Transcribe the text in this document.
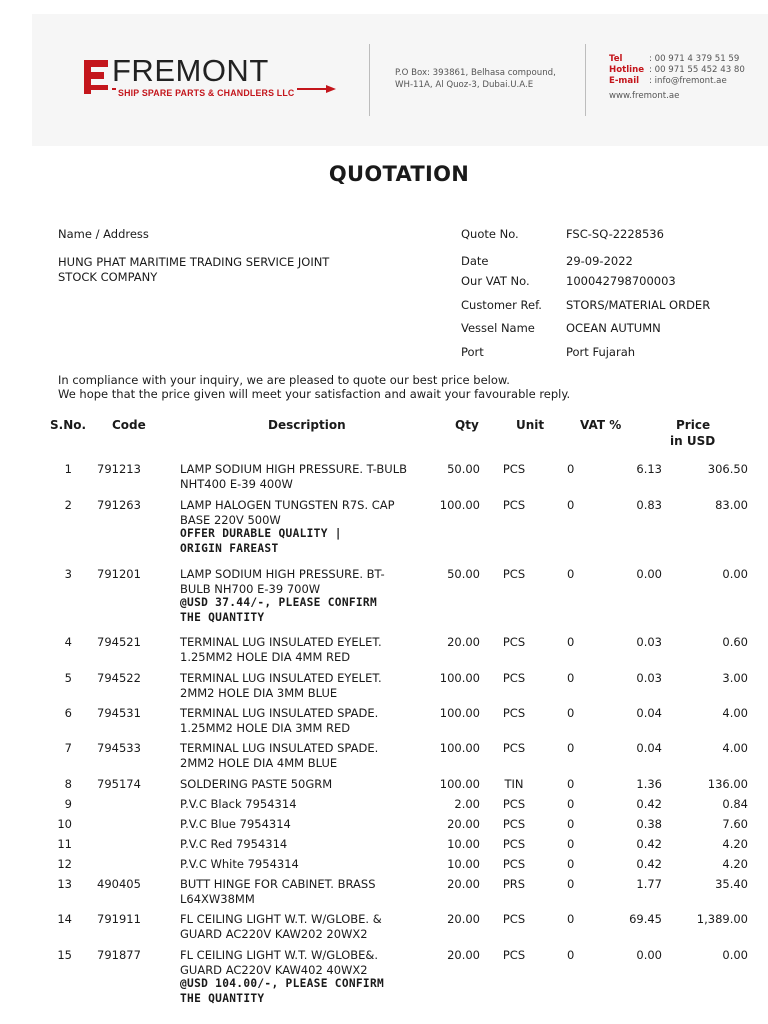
FREMONT
SHIP SPARE PARTS & CHANDLERS LLC
P.O Box: 393861, Belhasa compound,
WH-11A, Al Quoz-3, Dubai.U.A.E
Tel	: 00 971 4 379 51 59
Hotline : 00 971 55 452 43 80
E-mail : info@fremont.ae
www.fremont.ae
QUOTATION
Name / Address
HUNG PHAT MARITIME TRADING SERVICE JOINT
STOCK COMPANY
Quote No.	FSC-SQ-2228536
Date	29-09-2022
Our VAT No.	100042798700003
Customer Ref. STORS/MATERIAL ORDER
Vessel Name	OCEAN AUTUMN
Port	Port Fujarah
In compliance with your inquiry, we are pleased to quote our best price below.
We hope that the price given will meet your satisfaction and await your favourable reply.
S.No. Code	Description	Qty	Unit	VAT %	Price
in USD
1 791213	LAMP SODIUM HIGH PRESSURE. T-BULB
NHT400 E-39 400W
50.00	PCS	0	6.13	306.50
2 791263	LAMP HALOGEN TUNGSTEN R7S. CAP
BASE 220V 500W
OFFER DURABLE QUALITY |
ORIGIN FAREAST
100.00	PCS	0	0.83	83.00
3 791201	LAMP SODIUM HIGH PRESSURE. BT-
BULB NH700 E-39 700W
@USD 37.44/-, PLEASE CONFIRM
THE QUANTITY
50.00	PCS	0	0.00	0.00
4 794521	TERMINAL LUG INSULATED EYELET.
1.25MM2 HOLE DIA 4MM RED
20.00	PCS	0	0.03	0.60
5 794522	TERMINAL LUG INSULATED EYELET.
2MM2 HOLE DIA 3MM BLUE
100.00	PCS	0	0.03	3.00
6 794531	TERMINAL LUG INSULATED SPADE.
1.25MM2 HOLE DIA 3MM RED
100.00	PCS	0	0.04	4.00
7 794533	TERMINAL LUG INSULATED SPADE.
2MM2 HOLE DIA 4MM BLUE
100.00	PCS	0	0.04	4.00
8 795174	SOLDERING PASTE 50GRM	100.00	TIN	0	1.36	136.00
9	P.V.C Black 7954314	2.00	PCS	0	0.42	0.84
10	P.V.C Blue 7954314	20.00	PCS	0	0.38	7.60
11	P.V.C Red 7954314	10.00	PCS	0	0.42	4.20
12	P.V.C White 7954314	10.00	PCS	0	0.42	4.20
13 490405	BUTT HINGE FOR CABINET. BRASS
L64XW38MM
20.00	PRS	0	1.77	35.40
14 791911	FL CEILING LIGHT W.T. W/GLOBE. &
GUARD AC220V KAW202 20WX2
20.00	PCS	0	69.45	1,389.00
15 791877	FL CEILING LIGHT W.T. W/GLOBE&.
GUARD AC220V KAW402 40WX2
@USD 104.00/-, PLEASE CONFIRM
THE QUANTITY
20.00	PCS	0	0.00	0.00
